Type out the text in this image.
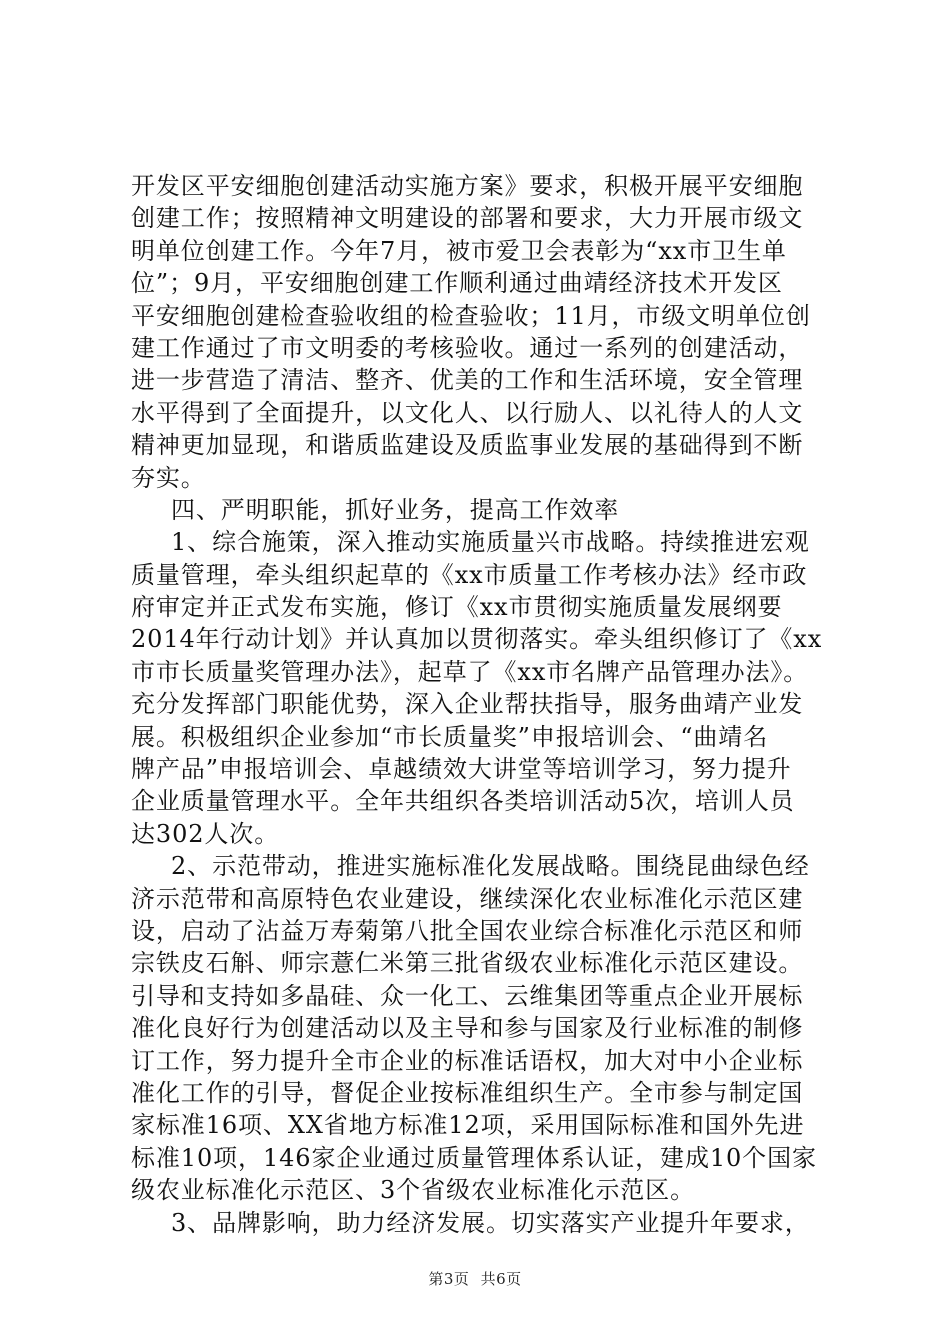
开发区平安细胞创建活动实施方案》要求，积极开展平安细胞
创建工作；按照精神文明建设的部署和要求，大力开展市级文
明单位创建工作。今年7月，被市爱卫会表彰为“xx市卫生单
位”；9月，平安细胞创建工作顺利通过曲靖经济技术开发区
平安细胞创建检查验收组的检查验收；11月，市级文明单位创
建工作通过了市文明委的考核验收。通过一系列的创建活动，
进一步营造了清洁、整齐、优美的工作和生活环境，安全管理
水平得到了全面提升，以文化人、以行励人、以礼待人的人文
精神更加显现，和谐质监建设及质监事业发展的基础得到不断
夯实。
四、严明职能，抓好业务，提高工作效率
1、综合施策，深入推动实施质量兴市战略。持续推进宏观
质量管理，牵头组织起草的《xx市质量工作考核办法》经市政
府审定并正式发布实施，修订《xx市贯彻实施质量发展纲要
2014年行动计划》并认真加以贯彻落实。牵头组织修订了《xx
市市长质量奖管理办法》，起草了《xx市名牌产品管理办法》。
充分发挥部门职能优势，深入企业帮扶指导，服务曲靖产业发
展。积极组织企业参加“市长质量奖”申报培训会、“曲靖名
牌产品”申报培训会、卓越绩效大讲堂等培训学习，努力提升
企业质量管理水平。全年共组织各类培训活动5次，培训人员
达302人次。
2、示范带动，推进实施标准化发展战略。围绕昆曲绿色经
济示范带和高原特色农业建设，继续深化农业标准化示范区建
设，启动了沾益万寿菊第八批全国农业综合标准化示范区和师
宗铁皮石斛、师宗薏仁米第三批省级农业标准化示范区建设。
引导和支持如多晶硅、众一化工、云维集团等重点企业开展标
准化良好行为创建活动以及主导和参与国家及行业标准的制修
订工作，努力提升全市企业的标准话语权，加大对中小企业标
准化工作的引导，督促企业按标准组织生产。全市参与制定国
家标准16项、XX省地方标准12项，采用国际标准和国外先进
标准10项，146家企业通过质量管理体系认证，建成10个国家
级农业标准化示范区、3个省级农业标准化示范区。
3、品牌影响，助力经济发展。切实落实产业提升年要求，
第3页 共6页
